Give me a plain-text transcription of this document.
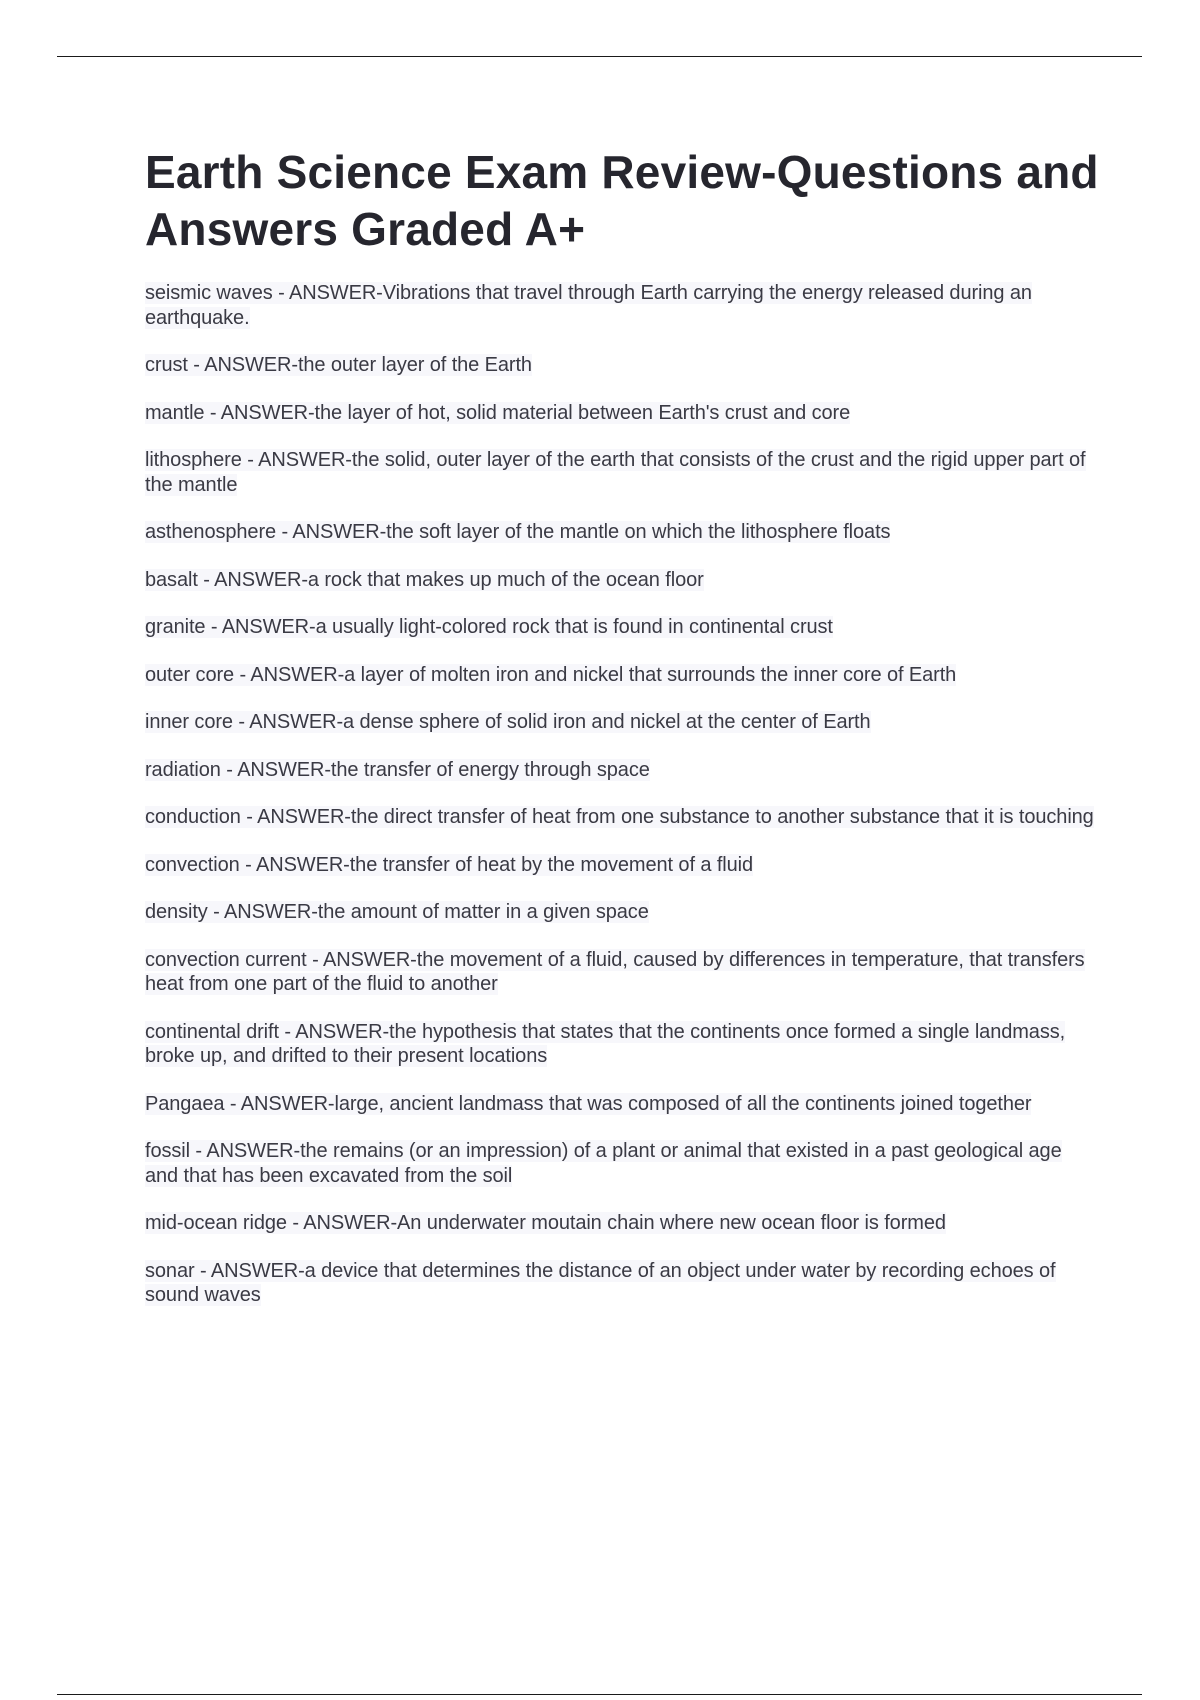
Earth Science Exam Review-Questions and Answers Graded A+
seismic waves - ANSWER-Vibrations that travel through Earth carrying the energy released during an earthquake.
crust - ANSWER-the outer layer of the Earth
mantle - ANSWER-the layer of hot, solid material between Earth's crust and core
lithosphere - ANSWER-the solid, outer layer of the earth that consists of the crust and the rigid upper part of the mantle
asthenosphere - ANSWER-the soft layer of the mantle on which the lithosphere floats
basalt - ANSWER-a rock that makes up much of the ocean floor
granite - ANSWER-a usually light-colored rock that is found in continental crust
outer core - ANSWER-a layer of molten iron and nickel that surrounds the inner core of Earth
inner core - ANSWER-a dense sphere of solid iron and nickel at the center of Earth
radiation - ANSWER-the transfer of energy through space
conduction - ANSWER-the direct transfer of heat from one substance to another substance that it is touching
convection - ANSWER-the transfer of heat by the movement of a fluid
density - ANSWER-the amount of matter in a given space
convection current - ANSWER-the movement of a fluid, caused by differences in temperature, that transfers heat from one part of the fluid to another
continental drift - ANSWER-the hypothesis that states that the continents once formed a single landmass, broke up, and drifted to their present locations
Pangaea - ANSWER-large, ancient landmass that was composed of all the continents joined together
fossil - ANSWER-the remains (or an impression) of a plant or animal that existed in a past geological age and that has been excavated from the soil
mid-ocean ridge - ANSWER-An underwater moutain chain where new ocean floor is formed
sonar - ANSWER-a device that determines the distance of an object under water by recording echoes of sound waves
